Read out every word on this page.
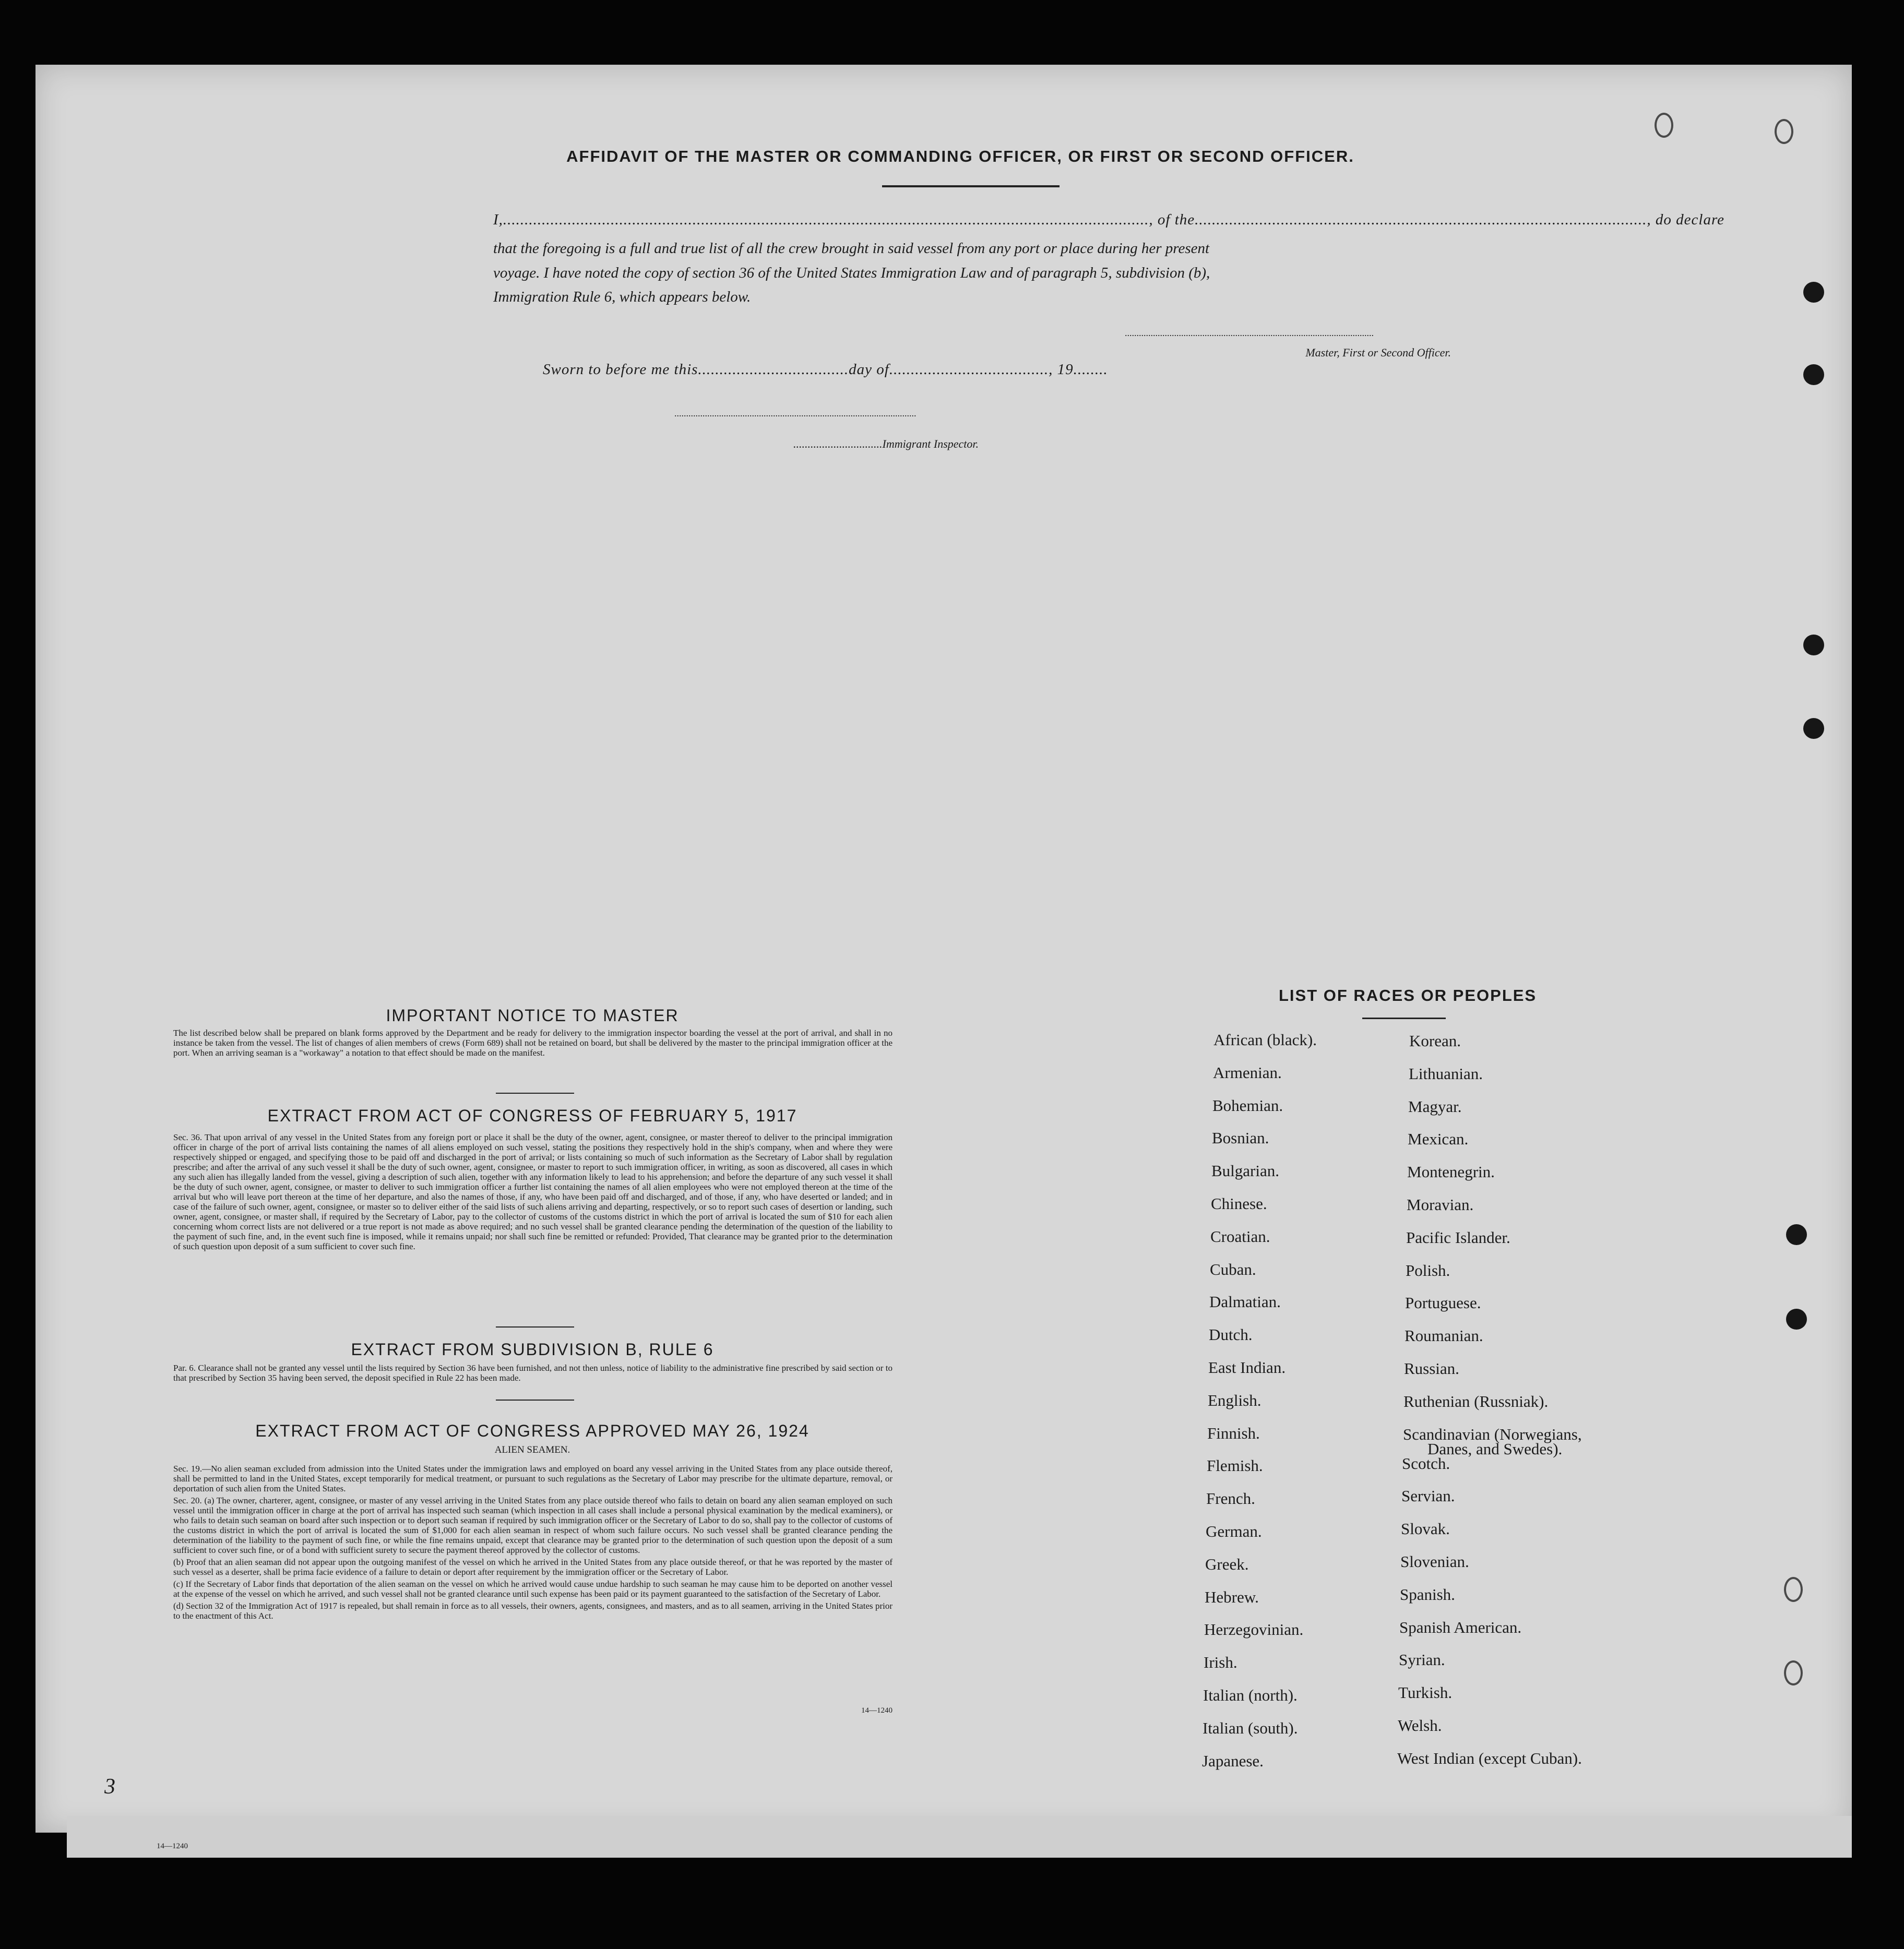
AFFIDAVIT OF THE MASTER OR COMMANDING OFFICER, OR FIRST OR SECOND OFFICER.
I,......................................................................................................................................................, of the........................................................................................................., do declare
that the foregoing is a full and true list of all the crew brought in said vessel from any port or place during her present
voyage. I have noted the copy of section 36 of the United States Immigration Law and of paragraph 5, subdivision (b),
Immigration Rule 6, which appears below.
..........................................................................................................
Master, First or Second Officer.
Sworn to before me this...................................day of....................................., 19........
.......................................................................................................
...............................Immigrant Inspector.
IMPORTANT NOTICE TO MASTER
The list described below shall be prepared on blank forms approved by the Department and be ready for delivery to the immigration inspector boarding the vessel at the port of arrival, and shall in no instance be taken from the vessel. The list of changes of alien members of crews (Form 689) shall not be retained on board, but shall be delivered by the master to the principal immigration officer at the port. When an arriving seaman is a "workaway" a notation to that effect should be made on the manifest.
EXTRACT FROM ACT OF CONGRESS OF FEBRUARY 5, 1917
Sec. 36. That upon arrival of any vessel in the United States from any foreign port or place it shall be the duty of the owner, agent, consignee, or master thereof to deliver to the principal immigration officer in charge of the port of arrival lists containing the names of all aliens employed on such vessel, stating the positions they respectively hold in the ship's company, when and where they were respectively shipped or engaged, and specifying those to be paid off and discharged in the port of arrival; or lists containing so much of such information as the Secretary of Labor shall by regulation prescribe; and after the arrival of any such vessel it shall be the duty of such owner, agent, consignee, or master to report to such immigration officer, in writing, as soon as discovered, all cases in which any such alien has illegally landed from the vessel, giving a description of such alien, together with any information likely to lead to his apprehension; and before the departure of any such vessel it shall be the duty of such owner, agent, consignee, or master to deliver to such immigration officer a further list containing the names of all alien employees who were not employed thereon at the time of the arrival but who will leave port thereon at the time of her departure, and also the names of those, if any, who have been paid off and discharged, and of those, if any, who have deserted or landed; and in case of the failure of such owner, agent, consignee, or master so to deliver either of the said lists of such aliens arriving and departing, respectively, or so to report such cases of desertion or landing, such owner, agent, consignee, or master shall, if required by the Secretary of Labor, pay to the collector of customs of the customs district in which the port of arrival is located the sum of $10 for each alien concerning whom correct lists are not delivered or a true report is not made as above required; and no such vessel shall be granted clearance pending the determination of the question of the liability to the payment of such fine, and, in the event such fine is imposed, while it remains unpaid; nor shall such fine be remitted or refunded: Provided, That clearance may be granted prior to the determination of such question upon deposit of a sum sufficient to cover such fine.
EXTRACT FROM SUBDIVISION B, RULE 6
Par. 6. Clearance shall not be granted any vessel until the lists required by Section 36 have been furnished, and not then unless, notice of liability to the administrative fine prescribed by said section or to that prescribed by Section 35 having been served, the deposit specified in Rule 22 has been made.
EXTRACT FROM ACT OF CONGRESS APPROVED MAY 26, 1924
ALIEN SEAMEN.
Sec. 19.—No alien seaman excluded from admission into the United States under the immigration laws and employed on board any vessel arriving in the United States from any place outside thereof, shall be permitted to land in the United States, except temporarily for medical treatment, or pursuant to such regulations as the Secretary of Labor may prescribe for the ultimate departure, removal, or deportation of such alien from the United States.
Sec. 20. (a) The owner, charterer, agent, consignee, or master of any vessel arriving in the United States from any place outside thereof who fails to detain on board any alien seaman employed on such vessel until the immigration officer in charge at the port of arrival has inspected such seaman (which inspection in all cases shall include a personal physical examination by the medical examiners), or who fails to detain such seaman on board after such inspection or to deport such seaman if required by such immigration officer or the Secretary of Labor to do so, shall pay to the collector of customs of the customs district in which the port of arrival is located the sum of $1,000 for each alien seaman in respect of whom such failure occurs. No such vessel shall be granted clearance pending the determination of the liability to the payment of such fine, or while the fine remains unpaid, except that clearance may be granted prior to the determination of such question upon the deposit of a sum sufficient to cover such fine, or of a bond with sufficient surety to secure the payment thereof approved by the collector of customs.
(b) Proof that an alien seaman did not appear upon the outgoing manifest of the vessel on which he arrived in the United States from any place outside thereof, or that he was reported by the master of such vessel as a deserter, shall be prima facie evidence of a failure to detain or deport after requirement by the immigration officer or the Secretary of Labor.
(c) If the Secretary of Labor finds that deportation of the alien seaman on the vessel on which he arrived would cause undue hardship to such seaman he may cause him to be deported on another vessel at the expense of the vessel on which he arrived, and such vessel shall not be granted clearance until such expense has been paid or its payment guaranteed to the satisfaction of the Secretary of Labor.
(d) Section 32 of the Immigration Act of 1917 is repealed, but shall remain in force as to all vessels, their owners, agents, consignees, and masters, and as to all seamen, arriving in the United States prior to the enactment of this Act.
14—1240
LIST OF RACES OR PEOPLES
African (black).
Armenian.
Bohemian.
Bosnian.
Bulgarian.
Chinese.
Croatian.
Cuban.
Dalmatian.
Dutch.
East Indian.
English.
Finnish.
Flemish.
French.
German.
Greek.
Hebrew.
Herzegovinian.
Irish.
Italian (north).
Italian (south).
Japanese.
Korean.
Lithuanian.
Magyar.
Mexican.
Montenegrin.
Moravian.
Pacific Islander.
Polish.
Portuguese.
Roumanian.
Russian.
Ruthenian (Russniak).
Scandinavian (Norwegians,
Danes, and Swedes).
Scotch.
Servian.
Slovak.
Slovenian.
Spanish.
Spanish American.
Syrian.
Turkish.
Welsh.
West Indian (except Cuban).
3
14—1240
